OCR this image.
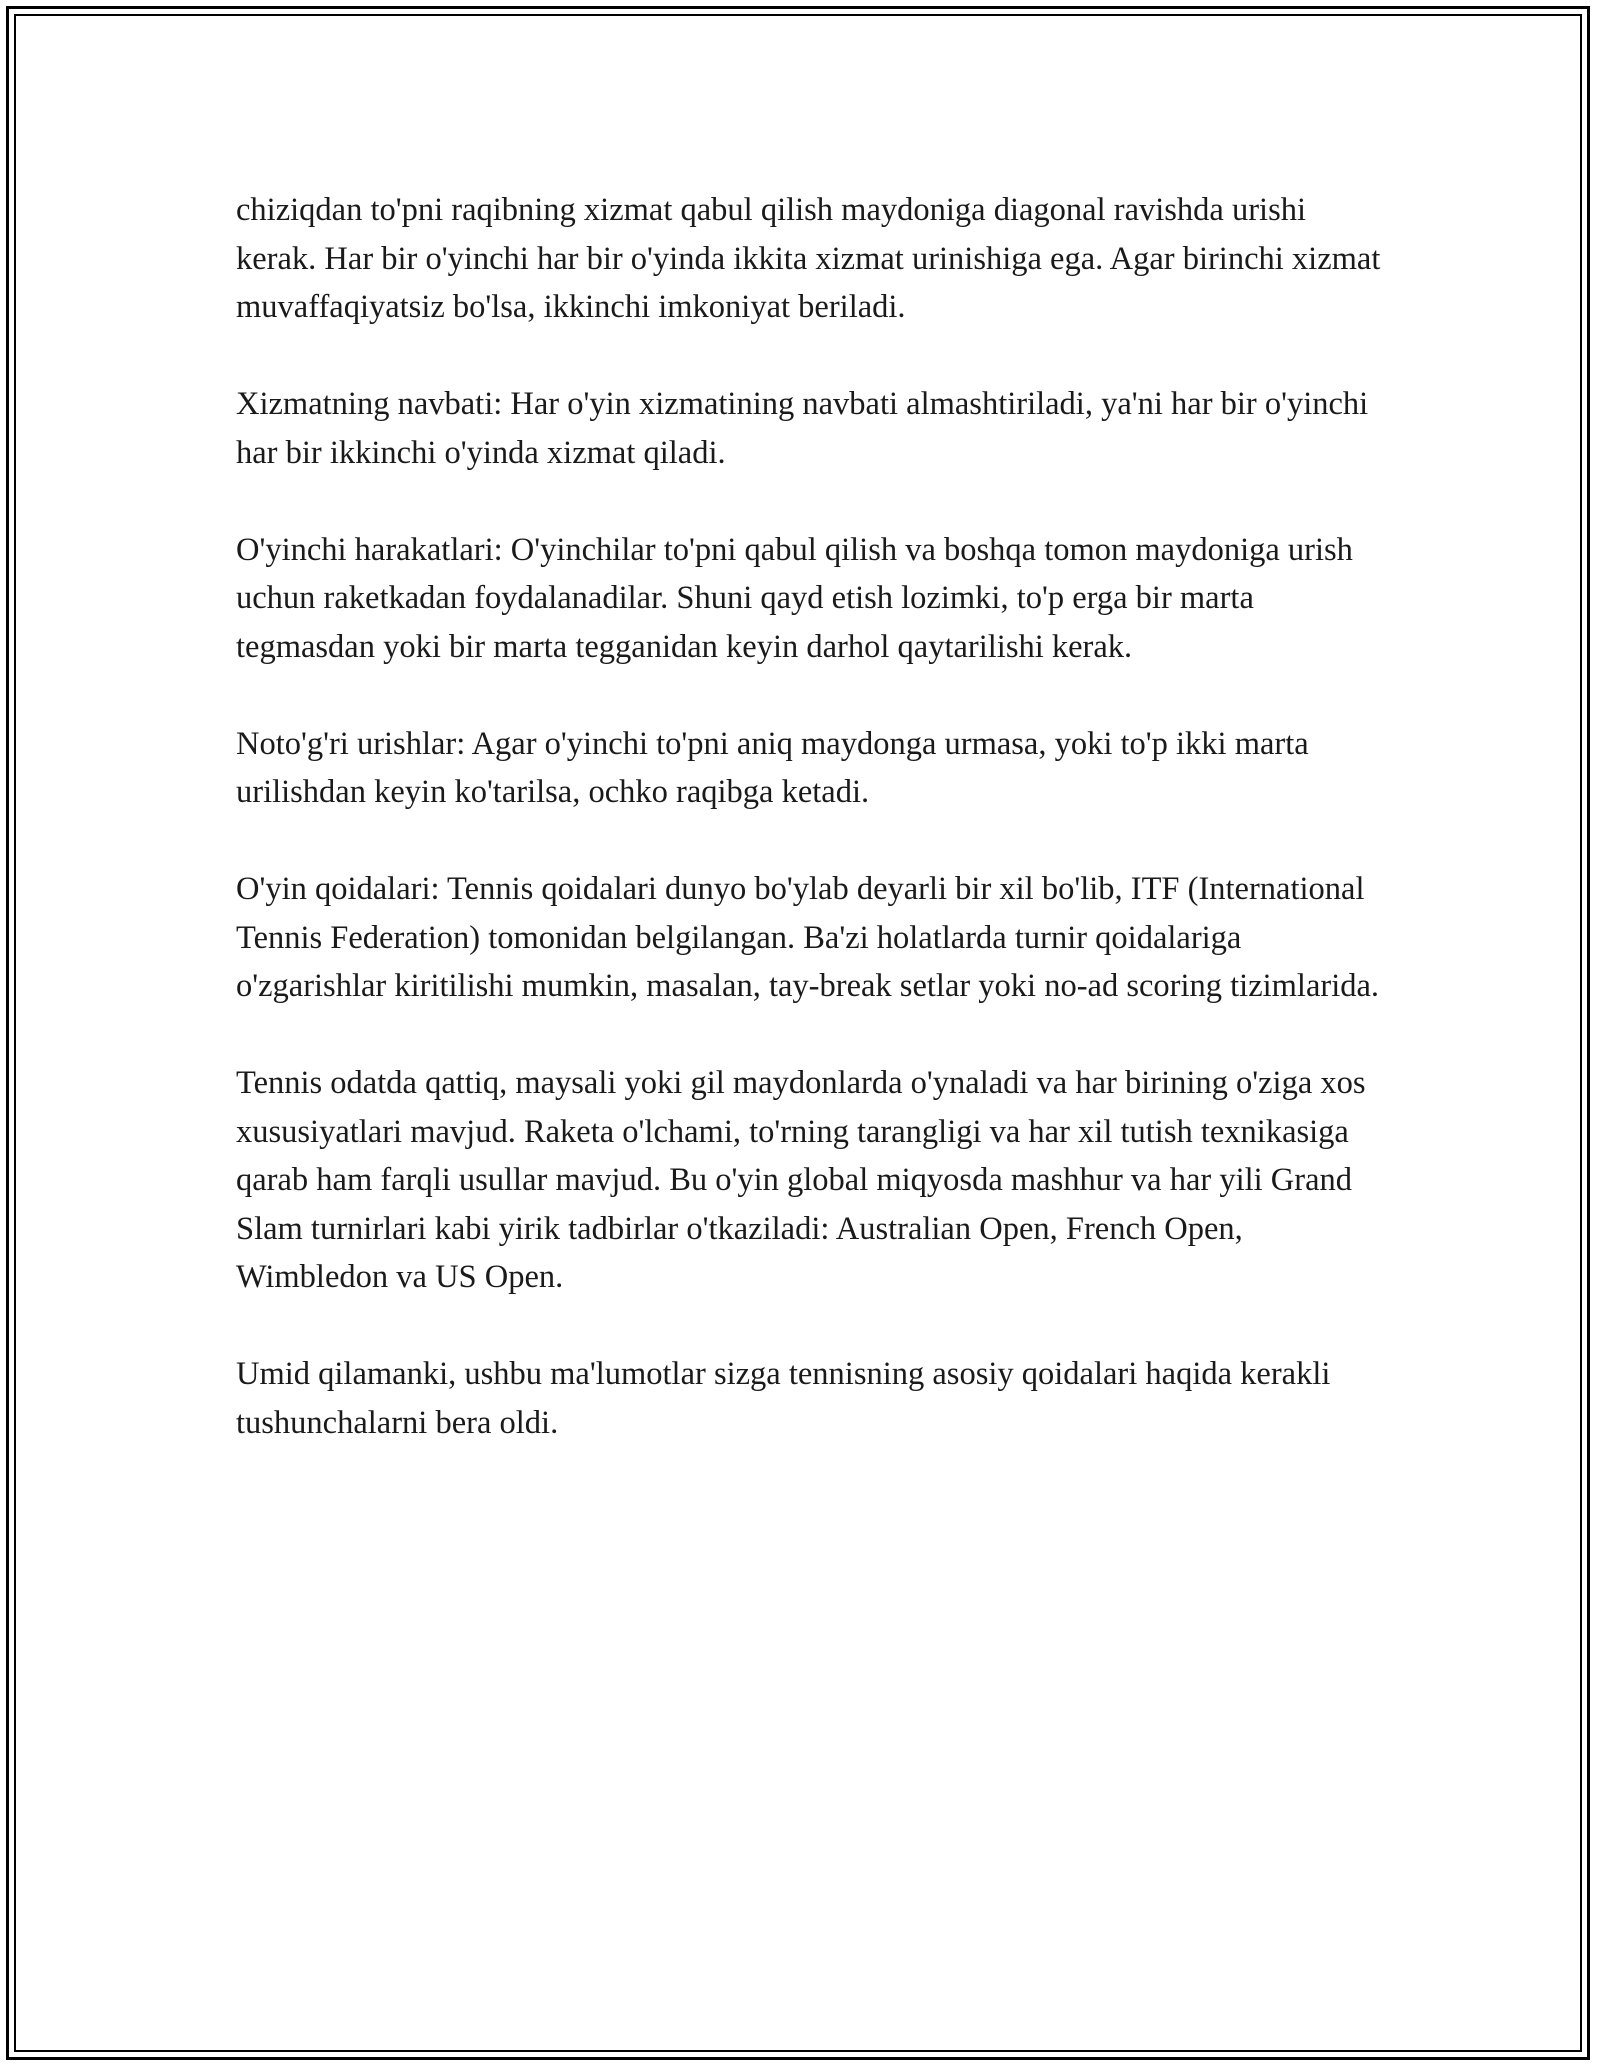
chiziqdan to'pni raqibning xizmat qabul qilish maydoniga diagonal ravishda urishi kerak. Har bir o'yinchi har bir o'yinda ikkita xizmat urinishiga ega. Agar birinchi xizmat muvaffaqiyatsiz bo'lsa, ikkinchi imkoniyat beriladi.

Xizmatning navbati: Har o'yin xizmatining navbati almashtiriladi, ya'ni har bir o'yinchi har bir ikkinchi o'yinda xizmat qiladi.

O'yinchi harakatlari: O'yinchilar to'pni qabul qilish va boshqa tomon maydoniga urish uchun raketkadan foydalanadilar. Shuni qayd etish lozimki, to'p erga bir marta tegmasdan yoki bir marta tegganidan keyin darhol qaytarilishi kerak.

Noto'g'ri urishlar: Agar o'yinchi to'pni aniq maydonga urmasa, yoki to'p ikki marta urilishdan keyin ko'tarilsa, ochko raqibga ketadi.

O'yin qoidalari: Tennis qoidalari dunyo bo'ylab deyarli bir xil bo'lib, ITF (International Tennis Federation) tomonidan belgilangan. Ba'zi holatlarda turnir qoidalariga o'zgarishlar kiritilishi mumkin, masalan, tay-break setlar yoki no-ad scoring tizimlarida.

Tennis odatda qattiq, maysali yoki gil maydonlarda o'ynaladi va har birining o'ziga xos xususiyatlari mavjud. Raketa o'lchami, to'rning tarangligi va har xil tutish texnikasiga qarab ham farqli usullar mavjud. Bu o'yin global miqyosda mashhur va har yili Grand Slam turnirlari kabi yirik tadbirlar o'tkaziladi: Australian Open, French Open, Wimbledon va US Open.

Umid qilamanki, ushbu ma'lumotlar sizga tennisning asosiy qoidalari haqida kerakli tushunchalarni bera oldi.
